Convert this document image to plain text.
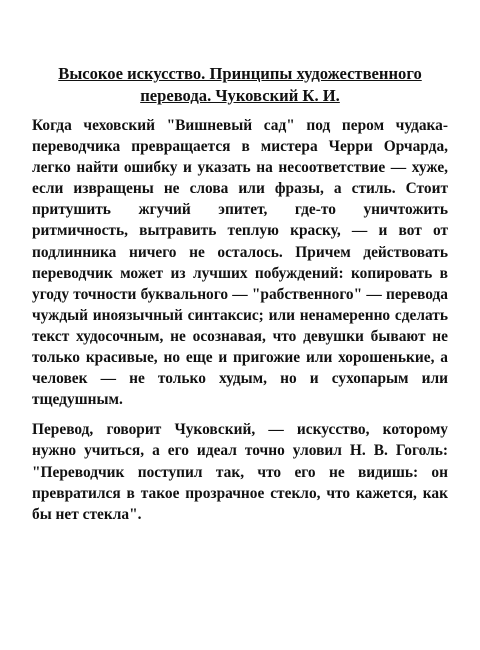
Высокое искусство. Принципы художественного перевода. Чуковский К. И.

Когда чеховский "Вишневый сад" под пером чудака-переводчика превращается в мистера Черри Орчарда, легко найти ошибку и указать на несоответствие — хуже, если извращены не слова или фразы, а стиль. Стоит притушить жгучий эпитет, где-то уничтожить ритмичность, вытравить теплую краску, — и вот от подлинника ничего не осталось. Причем действовать переводчик может из лучших побуждений: копировать в угоду точности буквального — "рабственного" — перевода чуждый иноязычный синтаксис; или ненамеренно сделать текст худосочным, не осознавая, что девушки бывают не только красивые, но еще и пригожие или хорошенькие, а человек — не только худым, но и сухопарым или тщедушным.

Перевод, говорит Чуковский, — искусство, которому нужно учиться, а его идеал точно уловил Н. В. Гоголь: "Переводчик поступил так, что его не видишь: он превратился в такое прозрачное стекло, что кажется, как бы нет стекла".
